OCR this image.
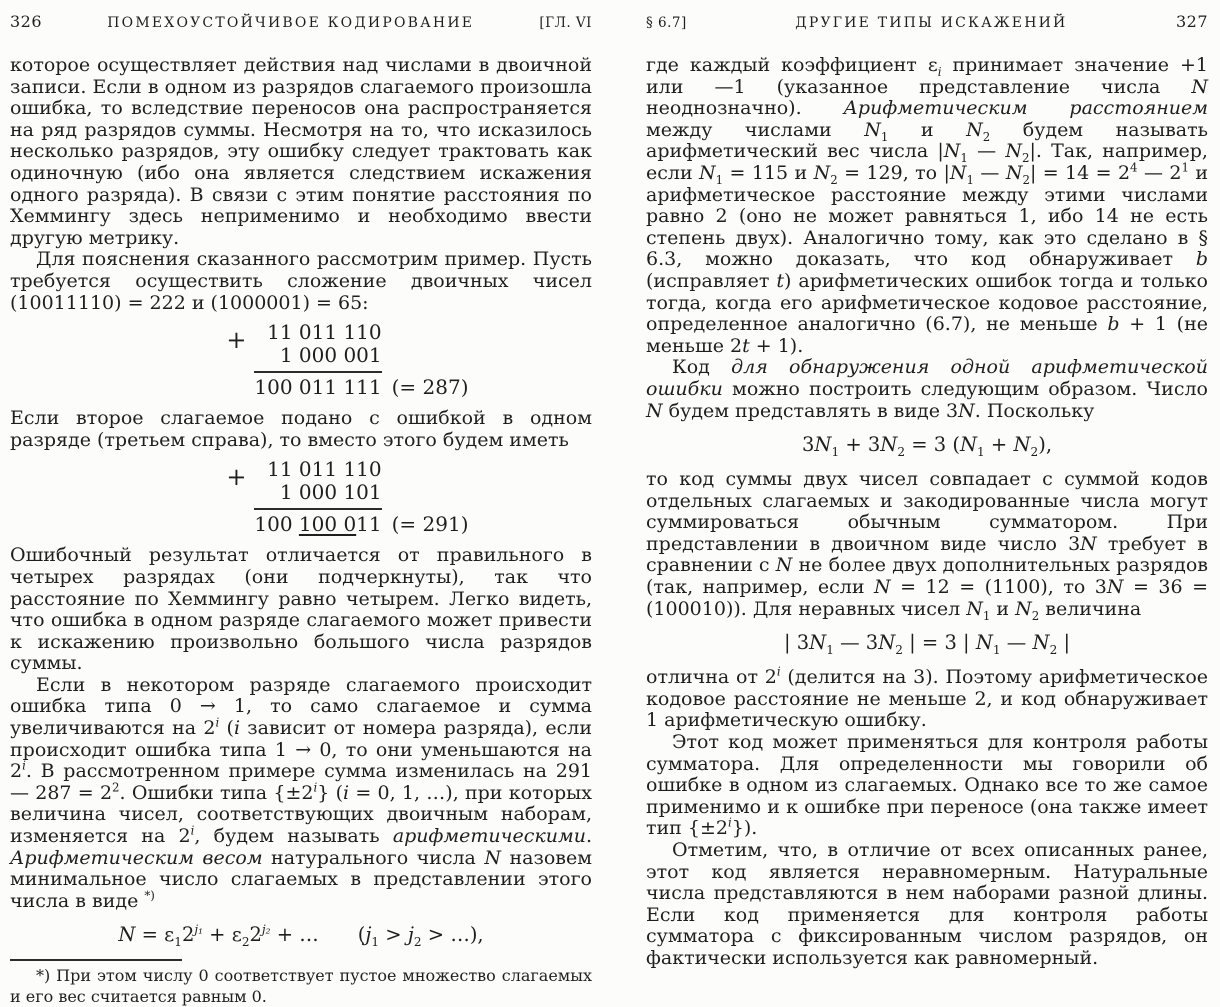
326	ПОМЕХОУСТОЙЧИВОЕ КОДИРОВАНИЕ	[ГЛ. VI

которое осуществляет действия над числами в двоичной записи. Если в одном из разрядов слагаемого произошла ошибка, то вследствие переносов она распространяется на ряд разрядов суммы. Несмотря на то, что исказилось несколько разрядов, эту ошибку следует трактовать как одиночную (ибо она является следствием искажения одного разряда). В связи с этим понятие расстояния по Хеммингу здесь неприменимо и необходимо ввести другую метрику.

Для пояснения сказанного рассмотрим пример. Пусть требуется осуществить сложение двоичных чисел (10011110) = 222 и (1000001) = 65:

+	11 011 110
1 000 001
100 011 111 (= 287)

Если второе слагаемое подано с ошибкой в одном разряде (третьем справа), то вместо этого будем иметь

+	11 011 110
1 000 101
100 100 011 (= 291)

Ошибочный результат отличается от правильного в четырех разрядах (они подчеркнуты), так что расстояние по Хеммингу равно четырем. Легко видеть, что ошибка в одном разряде слагаемого может привести к искажению произвольно большого числа разрядов суммы.

Если в некотором разряде слагаемого происходит ошибка типа 0 → 1, то само слагаемое и сумма увеличиваются на 2$^i$ (i зависит от номера разряда), если происходит ошибка типа 1 → 0, то они уменьшаются на 2$^i$. В рассмотренном примере сумма изменилась на 291 — $287 = 2^2$. Ошибки типа $\{\pm 2^i\} (i = 0$, 1, …), при которых величина чисел, соответствующих двоичным наборам, изменяется на 2$^i$, будем называть арифметическими. Арифметическим весом натурального числа N назовем минимальное число слагаемых в представлении этого числа в виде *)

$N = \varepsilon_12^{j_1} + \varepsilon_22^{j_2}$ + …  ($j_1 > j_2$ > …),

*) При этом числу 0 соответствует пустое множество слагаемых и его вес считается равным 0.

§ 6.7]	ДРУГИЕ ТИПЫ ИСКАЖЕНИЙ	327

где каждый коэффициент $\varepsilon_i$ принимает значение +1 или —1 (указанное представление числа N неоднозначно). Арифметическим расстоянием между числами $N_1$ и $N_2$ будем называть арифметический вес числа $|N_1$ — $N_2|$. Так, например, если $N_1 = 115$ и $N_2 = 129$, то $|N_1$ — $N_2| = 14 = 2^4$ — $2^1$ и арифметическое расстояние между этими числами равно 2 (оно не может равняться 1, ибо 14 не есть степень двух). Аналогично тому, как это сделано в § 6.3, можно доказать, что код обнаруживает b (исправляет t) арифметических ошибок тогда и только тогда, когда его арифметическое кодовое расстояние, определенное аналогично (6.7), не меньше b + 1 (не меньше 2t + 1).

Код для обнаружения одной арифметической ошибки можно построить следующим образом. Число N будем представлять в виде 3N. Поскольку

$3N_1 + 3N_2 = 3$ $(N_1 + N_2)$,

то код суммы двух чисел совпадает с суммой кодов отдельных слагаемых и закодированные числа могут суммироваться обычным сумматором. При представлении в двоичном виде число 3N требует в сравнении с N не более двух дополнительных разрядов (так, например, если N = 12 = (1100), то 3N = 36 = (100010)). Для неравных чисел $N_1$ и $N_2$ величина

| $3N_1$ — $3N_2$ | = 3 | $N_1$ — $N_2$ |

отлична от 2$^i$ (делится на 3). Поэтому арифметическое кодовое расстояние не меньше 2, и код обнаруживает 1 арифметическую ошибку.

Этот код может применяться для контроля работы сумматора. Для определенности мы говорили об ошибке в одном из слагаемых. Однако все то же самое применимо и к ошибке при переносе (она также имеет тип $\{\pm 2^i\}$).

Отметим, что, в отличие от всех описанных ранее, этот код является неравномерным. Натуральные числа представляются в нем наборами разной длины. Если код применяется для контроля работы сумматора с фиксированным числом разрядов, он фактически используется как равномерный.
